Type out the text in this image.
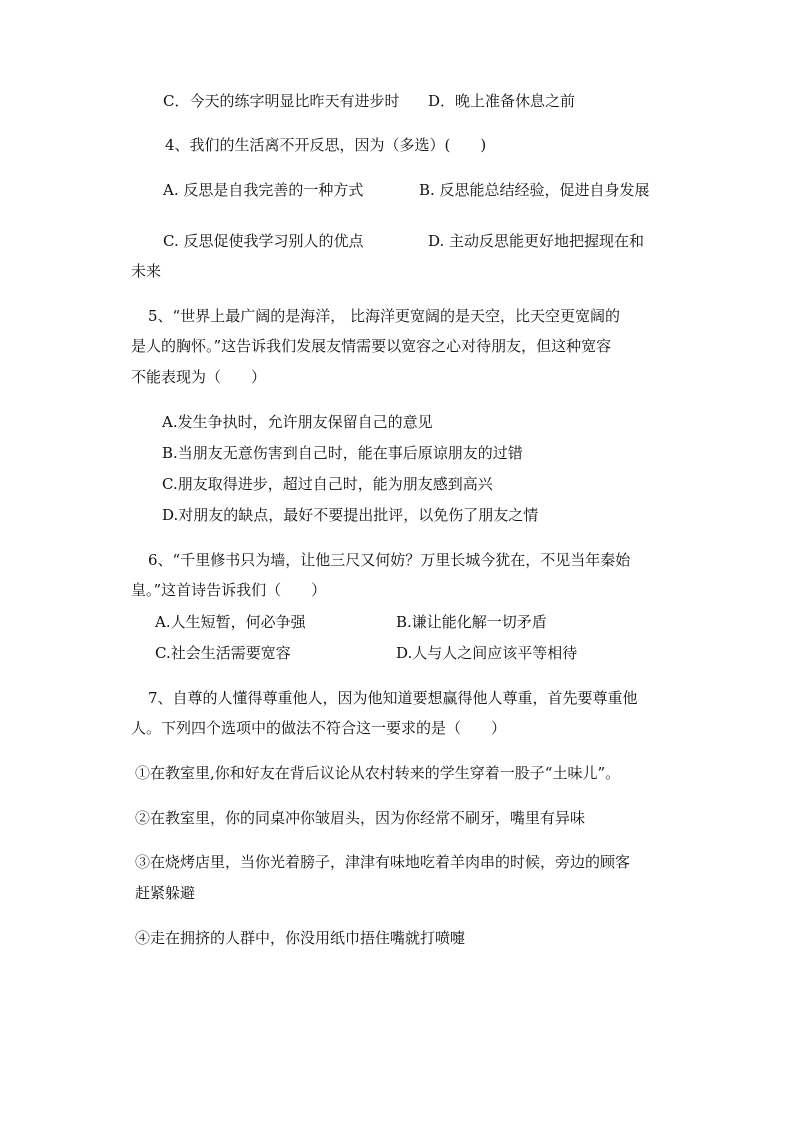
C．今天的练字明显比昨天有进步时 D．晚上准备休息之前
4、我们的生活离不开反思，因为（多选）(　　)
A. 反思是自我完善的一种方式	B. 反思能总结经验，促进自身发展
C. 反思促使我学习别人的优点	D. 主动反思能更好地把握现在和
未来
5、“世界上最广阔的是海洋， 比海洋更宽阔的是天空，比天空更宽阔的
是人的胸怀。”这告诉我们发展友情需要以宽容之心对待朋友，但这种宽容
不能表现为（　　）
A.发生争执时，允许朋友保留自己的意见
B.当朋友无意伤害到自己时，能在事后原谅朋友的过错
C.朋友取得进步，超过自己时，能为朋友感到高兴
D.对朋友的缺点，最好不要提出批评，以免伤了朋友之情
6、“千里修书只为墙，让他三尺又何妨？万里长城今犹在，不见当年秦始
皇。”这首诗告诉我们（　　）
A.人生短暂，何必争强	B.谦让能化解一切矛盾
C.社会生活需要宽容	D.人与人之间应该平等相待
7、自尊的人懂得尊重他人，因为他知道要想赢得他人尊重，首先要尊重他
人。下列四个选项中的做法不符合这一要求的是（　　）
①在教室里,你和好友在背后议论从农村转来的学生穿着一股子“土味儿”。
②在教室里，你的同桌冲你皱眉头，因为你经常不刷牙，嘴里有异味
③在烧烤店里，当你光着膀子，津津有味地吃着羊肉串的时候，旁边的顾客
赶紧躲避
④走在拥挤的人群中，你没用纸巾捂住嘴就打喷嚏
